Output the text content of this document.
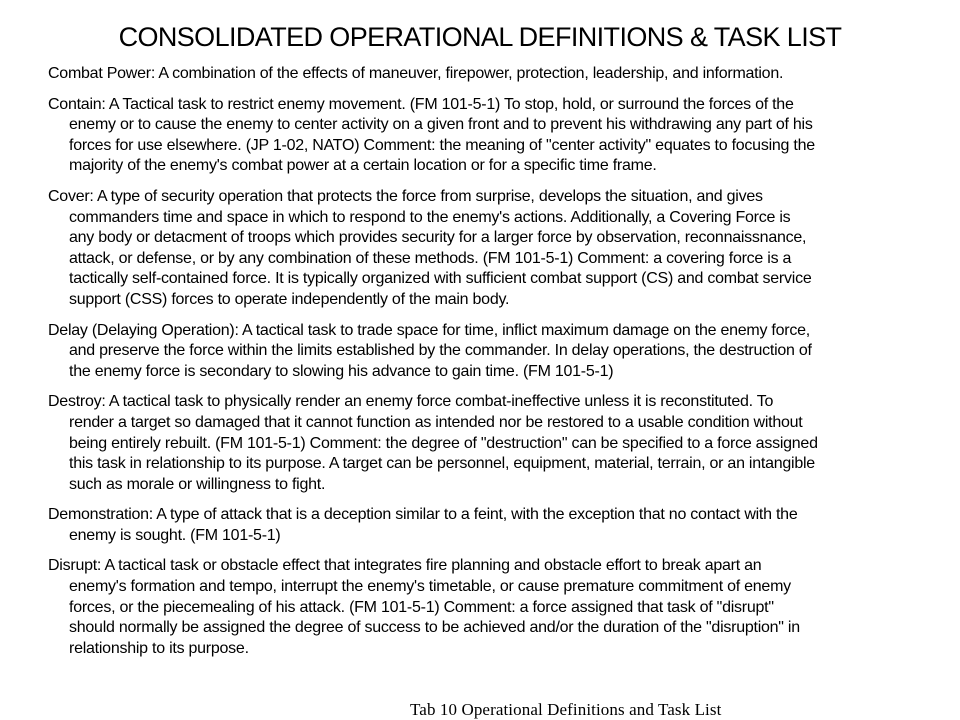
CONSOLIDATED OPERATIONAL DEFINITIONS & TASK LIST
Combat Power: A combination of the effects of maneuver, firepower, protection, leadership, and information.
Contain: A Tactical task to restrict enemy movement. (FM 101-5-1) To stop, hold, or surround the forces of the
enemy or to cause the enemy to center activity on a given front and to prevent his withdrawing any part of his
forces for use elsewhere. (JP 1-02, NATO) Comment: the meaning of "center activity" equates to focusing the
majority of the enemy's combat power at a certain location or for a specific time frame.
Cover: A type of security operation that protects the force from surprise, develops the situation, and gives
commanders time and space in which to respond to the enemy's actions. Additionally, a Covering Force is
any body or detacment of troops which provides security for a larger force by observation, reconnaissnance,
attack, or defense, or by any combination of these methods. (FM 101-5-1) Comment: a covering force is a
tactically self-contained force. It is typically organized with sufficient combat support (CS) and combat service
support (CSS) forces to operate independently of the main body.
Delay (Delaying Operation): A tactical task to trade space for time, inflict maximum damage on the enemy force,
and preserve the force within the limits established by the commander. In delay operations, the destruction of
the enemy force is secondary to slowing his advance to gain time. (FM 101-5-1)
Destroy: A tactical task to physically render an enemy force combat-ineffective unless it is reconstituted. To
render a target so damaged that it cannot function as intended nor be restored to a usable condition without
being entirely rebuilt. (FM 101-5-1) Comment: the degree of "destruction" can be specified to a force assigned
this task in relationship to its purpose. A target can be personnel, equipment, material, terrain, or an intangible
such as morale or willingness to fight.
Demonstration: A type of attack that is a deception similar to a feint, with the exception that no contact with the
enemy is sought. (FM 101-5-1)
Disrupt: A tactical task or obstacle effect that integrates fire planning and obstacle effort to break apart an
enemy's formation and tempo, interrupt the enemy's timetable, or cause premature commitment of enemy
forces, or the piecemealing of his attack. (FM 101-5-1) Comment: a force assigned that task of "disrupt"
should normally be assigned the degree of success to be achieved and/or the duration of the "disruption" in
relationship to its purpose.
Tab 10 Operational Definitions and Task List
